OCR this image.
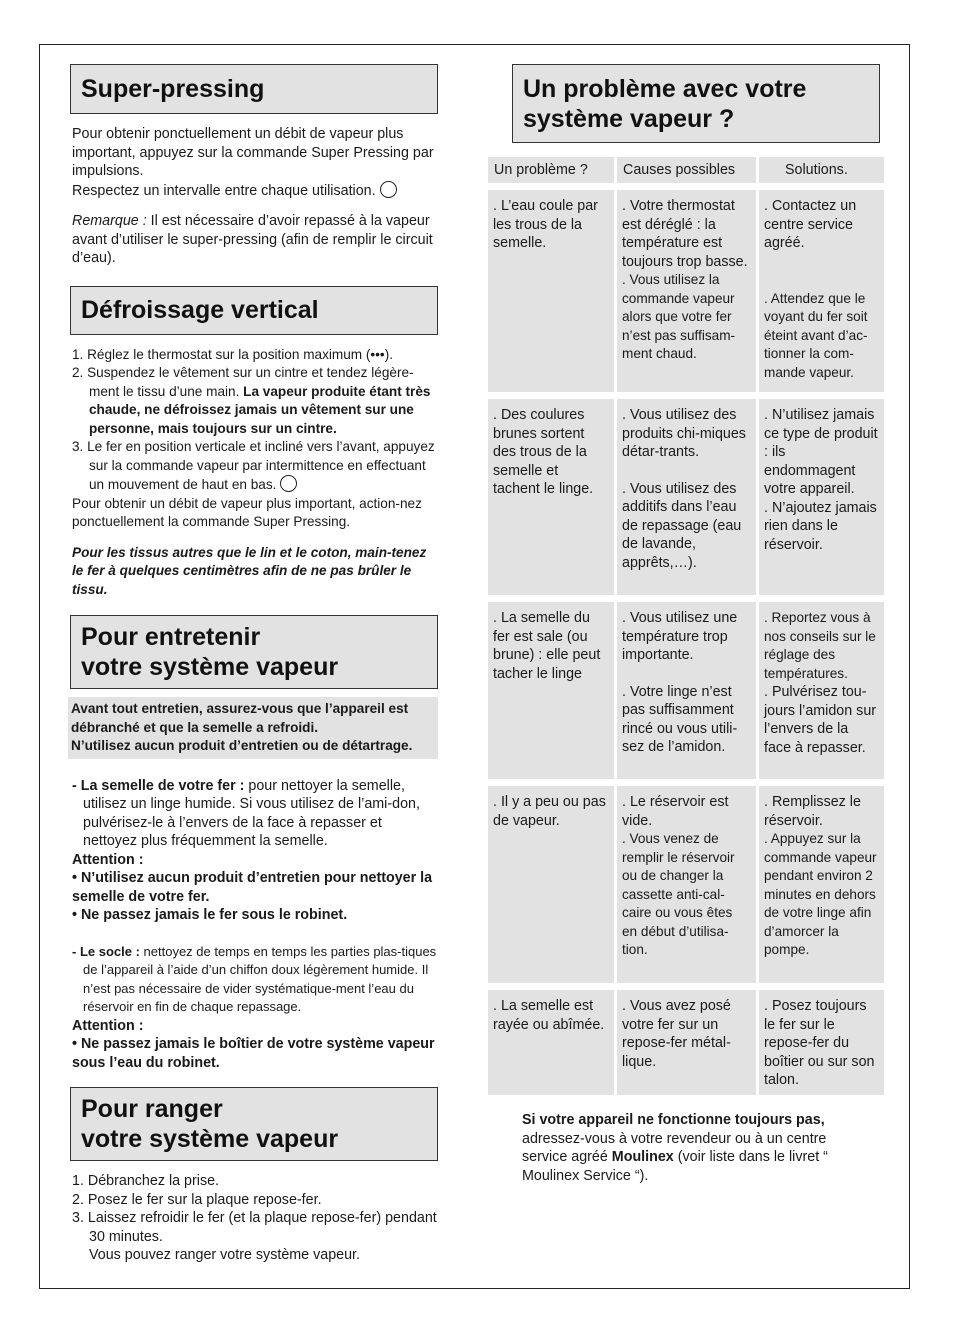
Super-pressing

Pour obtenir ponctuellement un débit de vapeur plus important, appuyez sur la commande Super Pressing par impulsions.
Respectez un intervalle entre chaque utilisation.

Remarque : Il est nécessaire d’avoir repassé à la vapeur avant d’utiliser le super-pressing (afin de remplir le circuit d’eau).

Défroissage vertical
1. Réglez le thermostat sur la position maximum (•••).
2. Suspendez le vêtement sur un cintre et tendez légère-ment le tissu d’une main. La vapeur produite étant très chaude, ne défroissez jamais un vêtement sur une personne, mais toujours sur un cintre.
3. Le fer en position verticale et incliné vers l’avant, appuyez sur la commande vapeur par intermittence en effectuant un mouvement de haut en bas.

Pour obtenir un débit de vapeur plus important, action-nez ponctuellement la commande Super Pressing.

Pour les tissus autres que le lin et le coton, main-tenez le fer à quelques centimètres afin de ne pas brûler le tissu.

Pour entretenir
votre système vapeur
Avant tout entretien, assurez-vous que l’appareil est débranché et que la semelle a refroidi.
N’utilisez aucun produit d’entretien ou de détartrage.

- La semelle de votre fer : pour nettoyer la semelle, utilisez un linge humide. Si vous utilisez de l’ami-don, pulvérisez-le à l’envers de la face à repasser et nettoyez plus fréquemment la semelle.

Attention :

• N’utilisez aucun produit d’entretien pour nettoyer la semelle de votre fer.

• Ne passez jamais le fer sous le robinet.

- Le socle : nettoyez de temps en temps les parties plas-tiques de l’appareil à l’aide d’un chiffon doux légèrement humide. Il n’est pas nécessaire de vider systématique-ment l’eau du réservoir en fin de chaque repassage.

Attention :

• Ne passez jamais le boîtier de votre système vapeur sous l’eau du robinet.

Pour ranger
votre système vapeur
1. Débranchez la prise.
2. Posez le fer sur la plaque repose-fer.
3. Laissez refroidir le fer (et la plaque repose-fer) pendant 30 minutes.
Vous pouvez ranger votre système vapeur.
Un problème avec votre
système vapeur ?
Un problème ?	Causes possibles	Solutions.
. L’eau coule par les trous de la semelle.
. Votre thermostat est déréglé : la température est toujours trop basse.
. Vous utilisez la commande vapeur alors que votre fer n’est pas suffisam-ment chaud.
. Contactez un centre service agréé.
. Attendez que le voyant du fer soit éteint avant d’ac-tionner la com-mande vapeur.
. Des coulures brunes sortent des trous de la semelle et tachent le linge.
. Vous utilisez des produits chi-miques détar-trants.
. Vous utilisez des additifs dans l’eau de repassage (eau de lavande, apprêts,…).
. N’utilisez jamais ce type de produit : ils endommagent votre appareil.
. N’ajoutez jamais rien dans le réservoir.
. La semelle du fer est sale (ou brune) : elle peut tacher le linge
. Vous utilisez une température trop importante.
. Votre linge n’est pas suffisamment rincé ou vous utili-sez de l’amidon.
. Reportez vous à nos conseils sur le réglage des températures.
. Pulvérisez tou-jours l’amidon sur l’envers de la face à repasser.
. Il y a peu ou pas de vapeur.
. Le réservoir est vide.
. Vous venez de remplir le réservoir ou de changer la cassette anti-cal-caire ou vous êtes en début d’utilisa-tion.
. Remplissez le réservoir.
. Appuyez sur la commande vapeur pendant environ 2 minutes en dehors de votre linge afin d’amorcer la pompe.
. La semelle est rayée ou abîmée.
. Vous avez posé votre fer sur un repose-fer métal-lique.
. Posez toujours le fer sur le repose-fer du boîtier ou sur son talon.

Si votre appareil ne fonctionne toujours pas, adressez-vous à votre revendeur ou à un centre service agréé Moulinex (voir liste dans le livret “ Moulinex Service “).
